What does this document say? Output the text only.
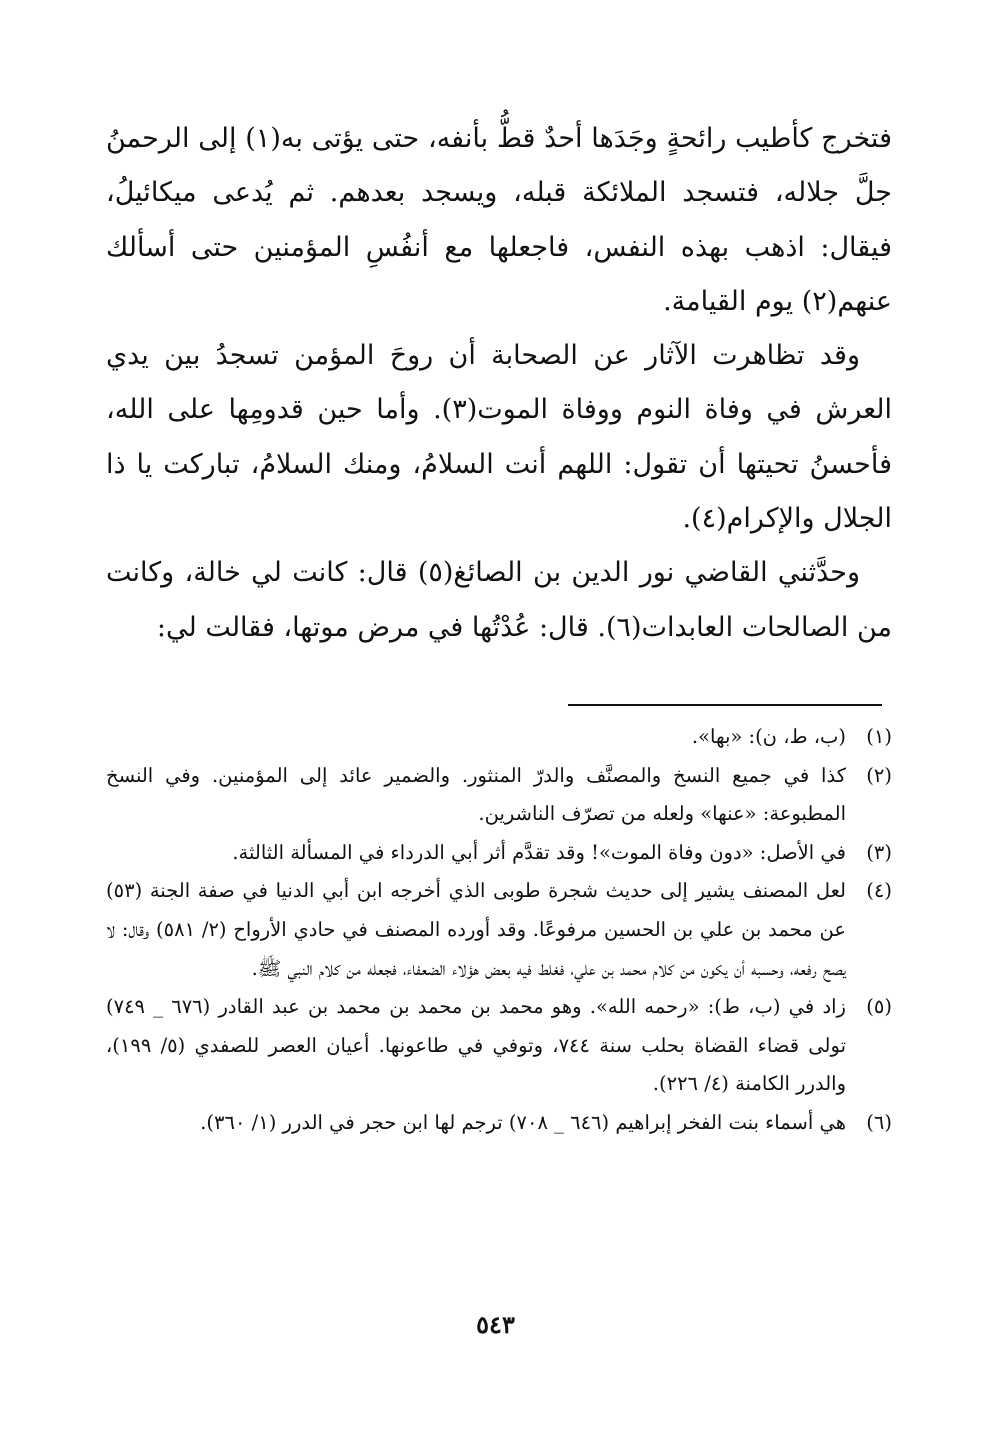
فتخرج كأطيب رائحةٍ وجَدَها أحدٌ قطُّ بأنفه، حتى يؤتى به(١) إلى الرحمنُ جلَّ جلاله، فتسجد الملائكة قبله، ويسجد بعدهم. ثم يُدعى ميكائيلُ، فيقال: اذهب بهذه النفس، فاجعلها مع أنفُسِ المؤمنين حتى أسألك عنهم(٢) يوم القيامة.

وقد تظاهرت الآثار عن الصحابة أن روحَ المؤمن تسجدُ بين يدي العرش في وفاة النوم ووفاة الموت(٣). وأما حين قدومِها على الله، فأحسنُ تحيتها أن تقول: اللهم أنت السلامُ، ومنك السلامُ، تباركت يا ذا الجلال والإكرام(٤).

وحدَّثني القاضي نور الدين بن الصائغ(٥) قال: كانت لي خالة، وكانت من الصالحات العابدات(٦). قال: عُدْتُها في مرض موتها، فقالت لي:

(١)
(ب، ط، ن): «بها».
(٢)
كذا في جميع النسخ والمصنَّف والدرّ المنثور. والضمير عائد إلى المؤمنين. وفي النسخ المطبوعة: «عنها» ولعله من تصرّف الناشرين.
(٣)
في الأصل: «دون وفاة الموت»! وقد تقدَّم أثر أبي الدرداء في المسألة الثالثة.
(٤)
لعل المصنف يشير إلى حديث شجرة طوبى الذي أخرجه ابن أبي الدنيا في صفة الجنة (٥٣) عن محمد بن علي بن الحسين مرفوعًا. وقد أورده المصنف في حادي الأرواح (٢/ ٥٨١) وقال: لا يصح رفعه، وحسبه أن يكون من كلام محمد بن علي، فغلط فيه بعض هؤلاء الضعفاء، فجعله من كلام النبي ﷺ.
(٥)
زاد في (ب، ط): «رحمه الله». وهو محمد بن محمد بن محمد بن عبد القادر (٦٧٦ _ ٧٤٩) تولى قضاء القضاة بحلب سنة ٧٤٤، وتوفي في طاعونها. أعيان العصر للصفدي (٥/ ١٩٩)، والدرر الكامنة (٤/ ٢٢٦).
(٦)
هي أسماء بنت الفخر إبراهيم (٦٤٦ _ ٧٠٨) ترجم لها ابن حجر في الدرر (١/ ٣٦٠).
٥٤٣
